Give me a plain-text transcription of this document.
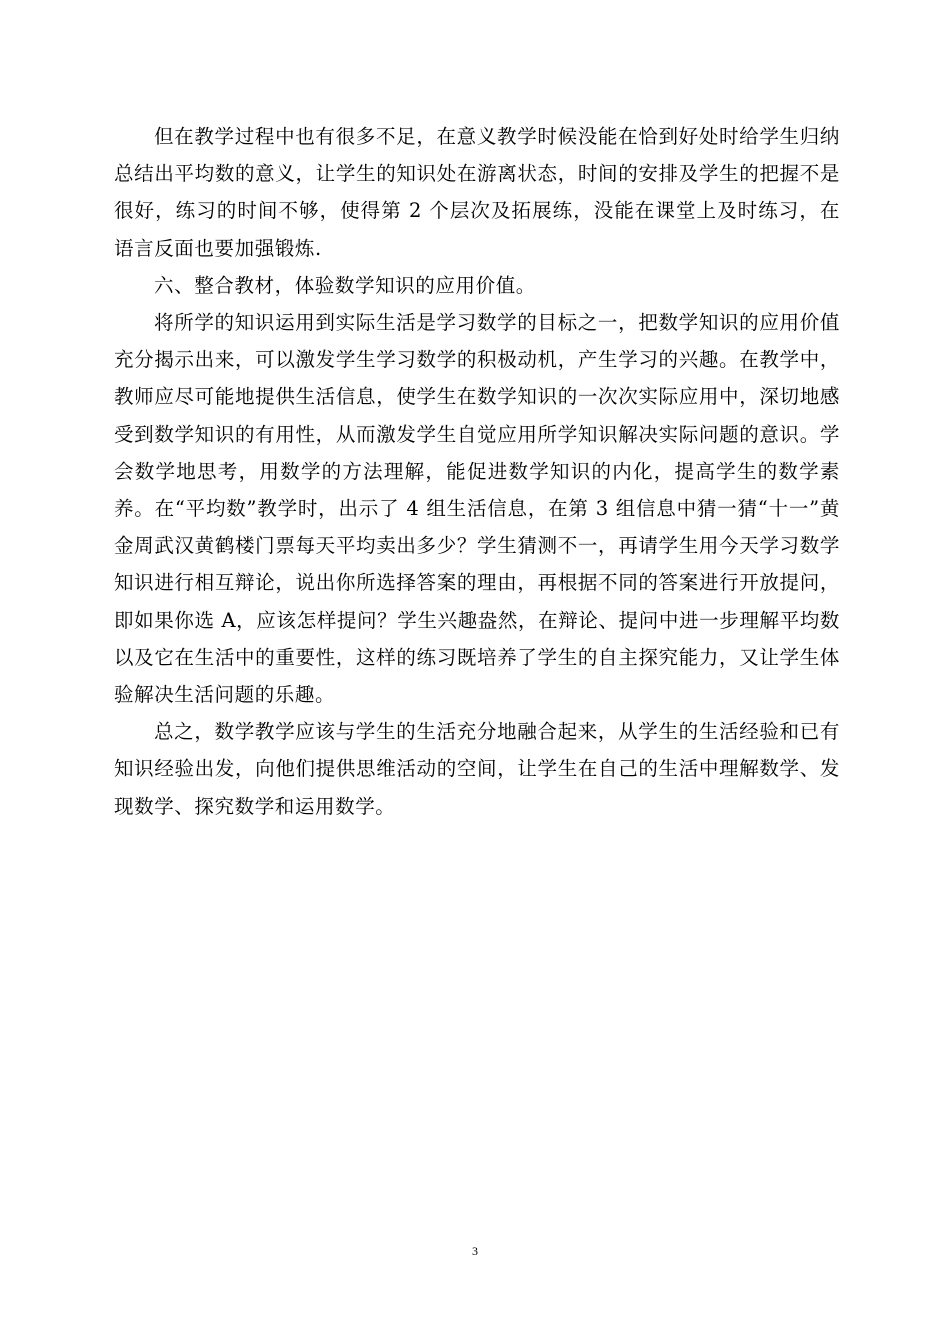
但在教学过程中也有很多不足，在意义教学时候没能在恰到好处时给学生归纳总结出平均数的意义，让学生的知识处在游离状态，时间的安排及学生的把握不是很好，练习的时间不够，使得第 2 个层次及拓展练，没能在课堂上及时练习，在语言反面也要加强锻炼.

六、整合教材，体验数学知识的应用价值。

将所学的知识运用到实际生活是学习数学的目标之一，把数学知识的应用价值充分揭示出来，可以激发学生学习数学的积极动机，产生学习的兴趣。在教学中，教师应尽可能地提供生活信息，使学生在数学知识的一次次实际应用中，深切地感受到数学知识的有用性，从而激发学生自觉应用所学知识解决实际问题的意识。学会数学地思考，用数学的方法理解，能促进数学知识的内化，提高学生的数学素养。在“平均数”教学时，出示了 4 组生活信息，在第 3 组信息中猜一猜“十一”黄金周武汉黄鹤楼门票每天平均卖出多少？学生猜测不一，再请学生用今天学习数学知识进行相互辩论，说出你所选择答案的理由，再根据不同的答案进行开放提问，即如果你选 A，应该怎样提问？学生兴趣盎然，在辩论、提问中进一步理解平均数以及它在生活中的重要性，这样的练习既培养了学生的自主探究能力，又让学生体验解决生活问题的乐趣。

总之，数学教学应该与学生的生活充分地融合起来，从学生的生活经验和已有知识经验出发，向他们提供思维活动的空间，让学生在自己的生活中理解数学、发现数学、探究数学和运用数学。

3
